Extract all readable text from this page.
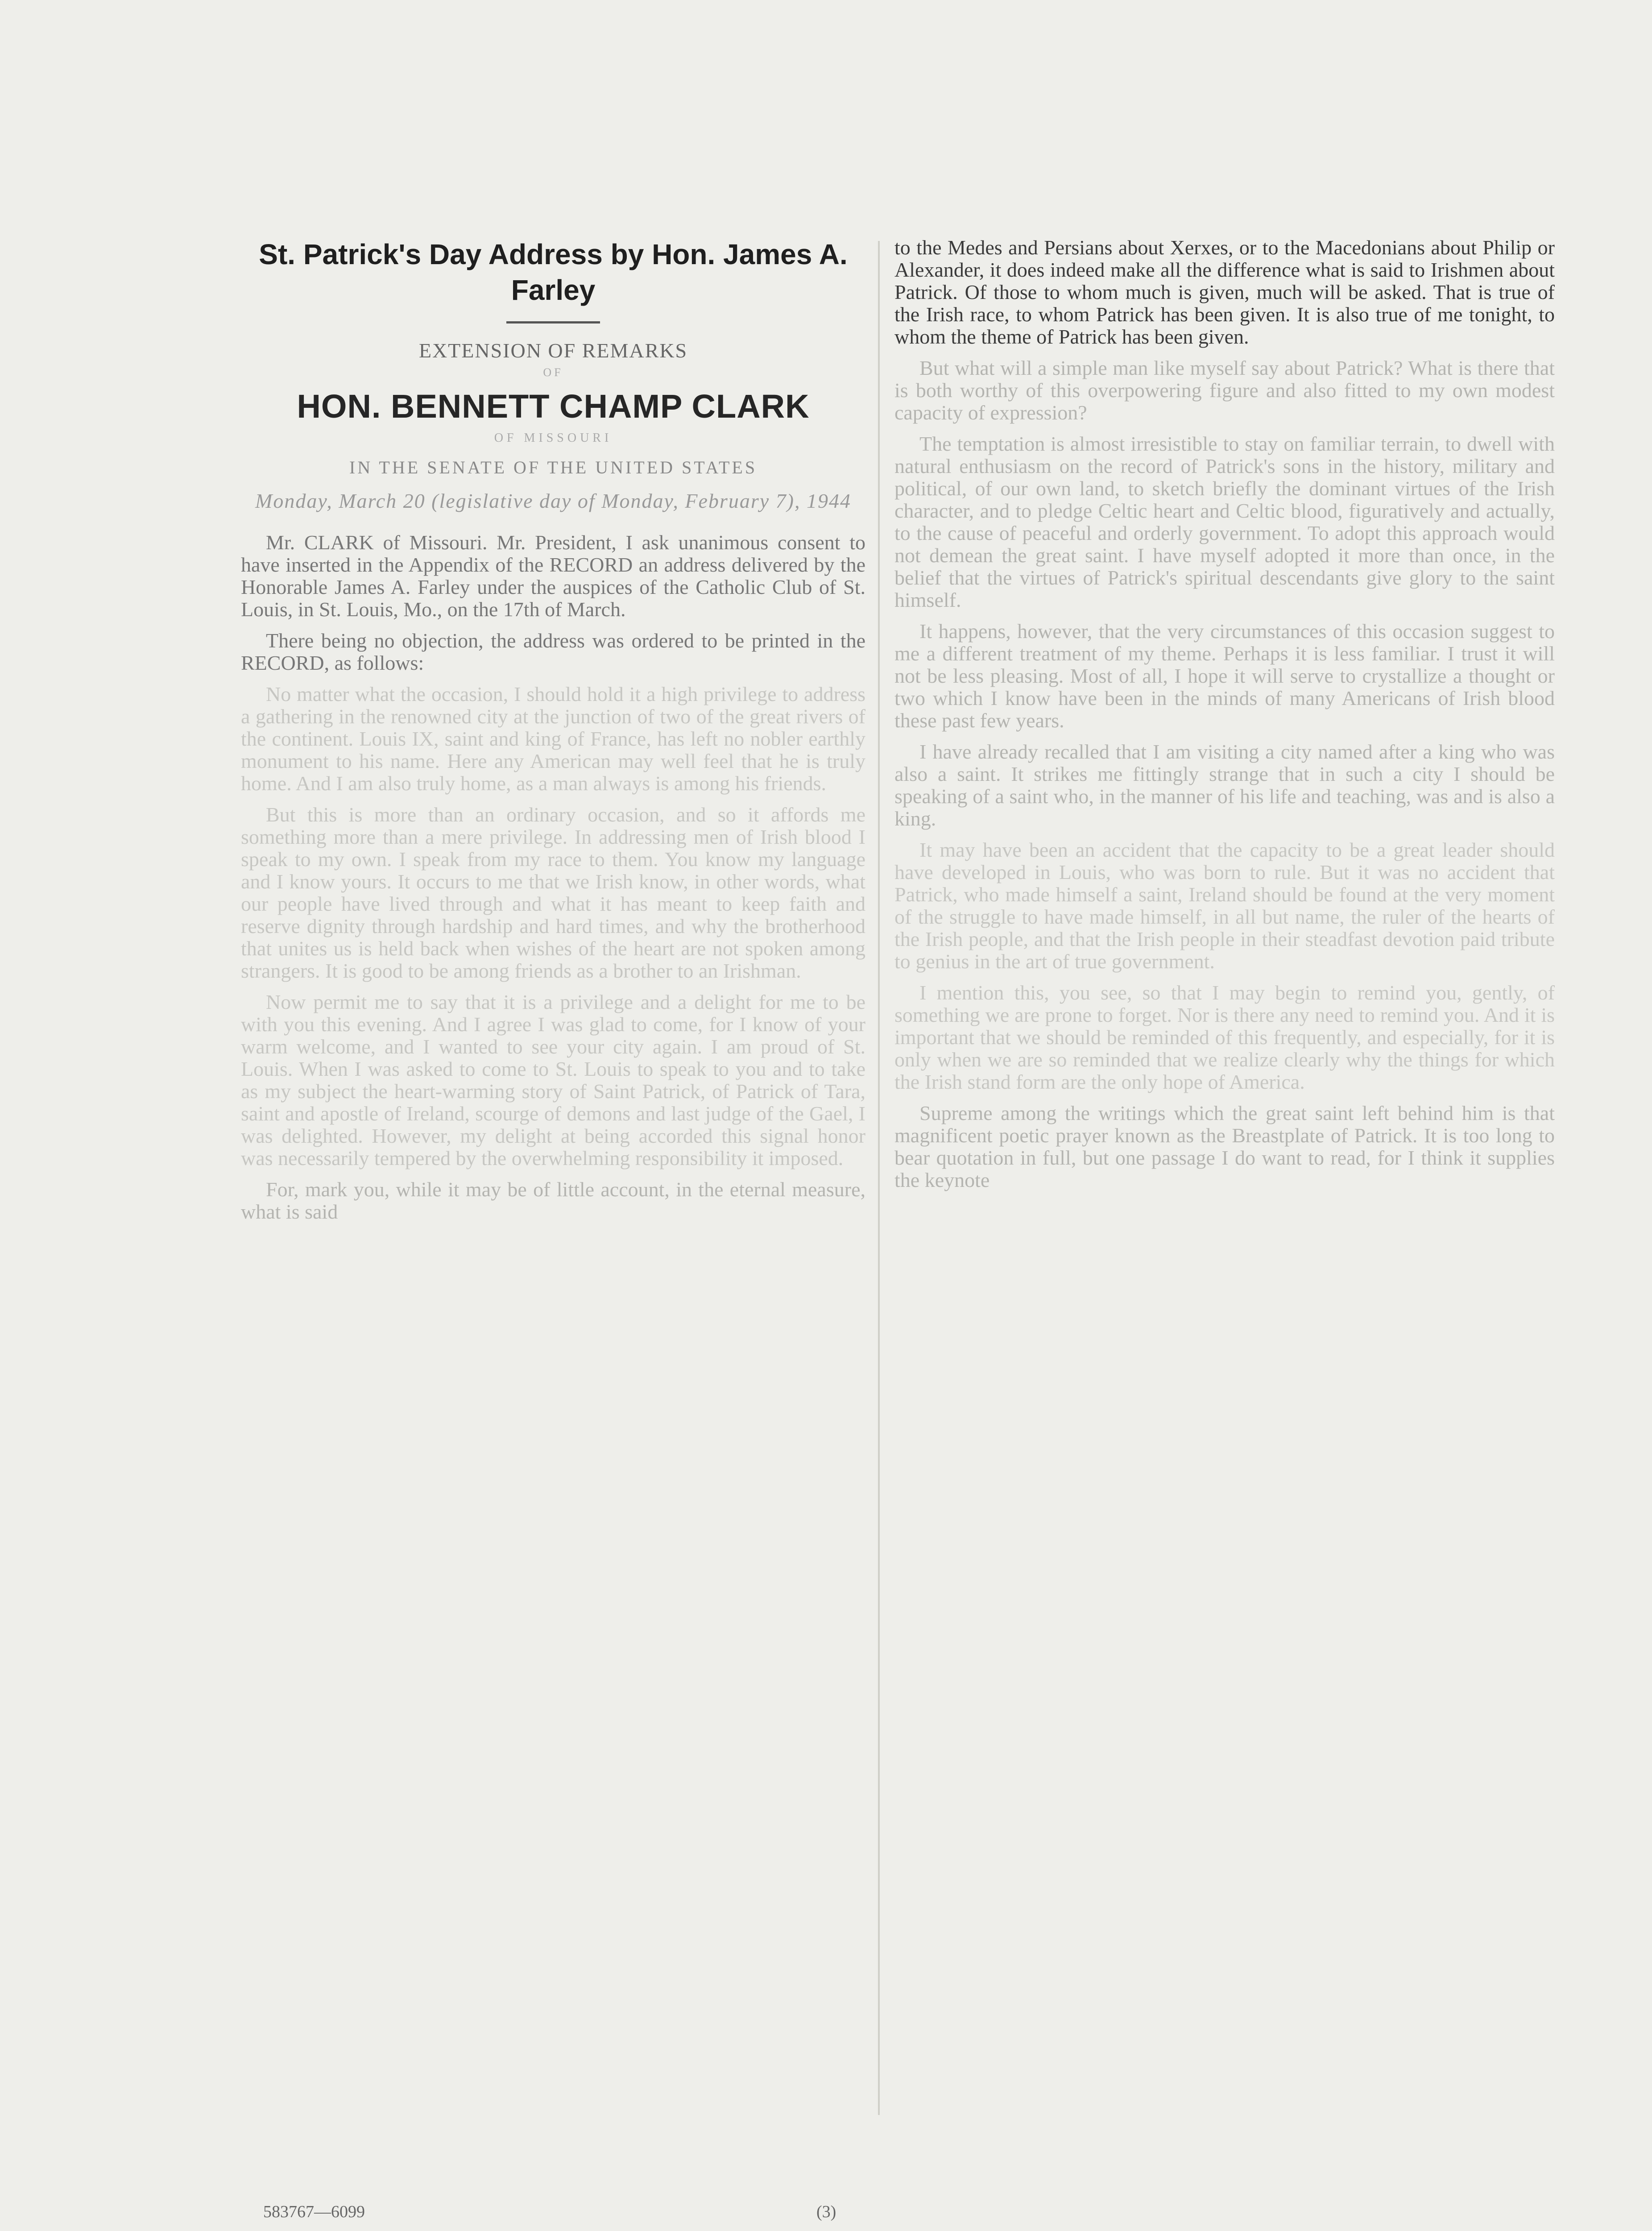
St. Patrick's Day Address by Hon. James A. Farley

EXTENSION OF REMARKS

OF

HON. BENNETT CHAMP CLARK

OF MISSOURI

IN THE SENATE OF THE UNITED STATES

Monday, March 20 (legislative day of Monday, February 7), 1944

Mr. CLARK of Missouri. Mr. President, I ask unanimous consent to have inserted in the Appendix of the RECORD an address delivered by the Honorable James A. Farley under the auspices of the Catholic Club of St. Louis, in St. Louis, Mo., on the 17th of March.

There being no objection, the address was ordered to be printed in the RECORD, as follows:

No matter what the occasion, I should hold it a high privilege to address a gathering in the renowned city at the junction of two of the great rivers of the continent. Louis IX, saint and king of France, has left no nobler earthly monument to his name. Here any American may well feel that he is truly home. And I am also truly home, as a man always is among his friends.

But this is more than an ordinary occasion, and so it affords me something more than a mere privilege. In addressing men of Irish blood I speak to my own. I speak from my race to them. You know my language and I know yours. It occurs to me that we Irish know, in other words, what our people have lived through and what it has meant to keep faith and reserve dignity through hardship and hard times, and why the brotherhood that unites us is held back when wishes of the heart are not spoken among strangers. It is good to be among friends as a brother to an Irishman.

Now permit me to say that it is a privilege and a delight for me to be with you this evening. And I agree I was glad to come, for I know of your warm welcome, and I wanted to see your city again. I am proud of St. Louis. When I was asked to come to St. Louis to speak to you and to take as my subject the heart-warming story of Saint Patrick, of Patrick of Tara, saint and apostle of Ireland, scourge of demons and last judge of the Gael, I was delighted. However, my delight at being accorded this signal honor was necessarily tempered by the overwhelming responsibility it imposed.

For, mark you, while it may be of little account, in the eternal measure, what is said

to the Medes and Persians about Xerxes, or to the Macedonians about Philip or Alexander, it does indeed make all the difference what is said to Irishmen about Patrick. Of those to whom much is given, much will be asked. That is true of the Irish race, to whom Patrick has been given. It is also true of me tonight, to whom the theme of Patrick has been given.

But what will a simple man like myself say about Patrick? What is there that is both worthy of this overpowering figure and also fitted to my own modest capacity of expression?

The temptation is almost irresistible to stay on familiar terrain, to dwell with natural enthusiasm on the record of Patrick's sons in the history, military and political, of our own land, to sketch briefly the dominant virtues of the Irish character, and to pledge Celtic heart and Celtic blood, figuratively and actually, to the cause of peaceful and orderly government. To adopt this approach would not demean the great saint. I have myself adopted it more than once, in the belief that the virtues of Patrick's spiritual descendants give glory to the saint himself.

It happens, however, that the very circumstances of this occasion suggest to me a different treatment of my theme. Perhaps it is less familiar. I trust it will not be less pleasing. Most of all, I hope it will serve to crystallize a thought or two which I know have been in the minds of many Americans of Irish blood these past few years.

I have already recalled that I am visiting a city named after a king who was also a saint. It strikes me fittingly strange that in such a city I should be speaking of a saint who, in the manner of his life and teaching, was and is also a king.

It may have been an accident that the capacity to be a great leader should have developed in Louis, who was born to rule. But it was no accident that Patrick, who made himself a saint, Ireland should be found at the very moment of the struggle to have made himself, in all but name, the ruler of the hearts of the Irish people, and that the Irish people in their steadfast devotion paid tribute to genius in the art of true government.

I mention this, you see, so that I may begin to remind you, gently, of something we are prone to forget. Nor is there any need to remind you. And it is important that we should be reminded of this frequently, and especially, for it is only when we are so reminded that we realize clearly why the things for which the Irish stand form are the only hope of America.

Supreme among the writings which the great saint left behind him is that magnificent poetic prayer known as the Breastplate of Patrick. It is too long to bear quotation in full, but one passage I do want to read, for I think it supplies the keynote

583767—6099	(3)
